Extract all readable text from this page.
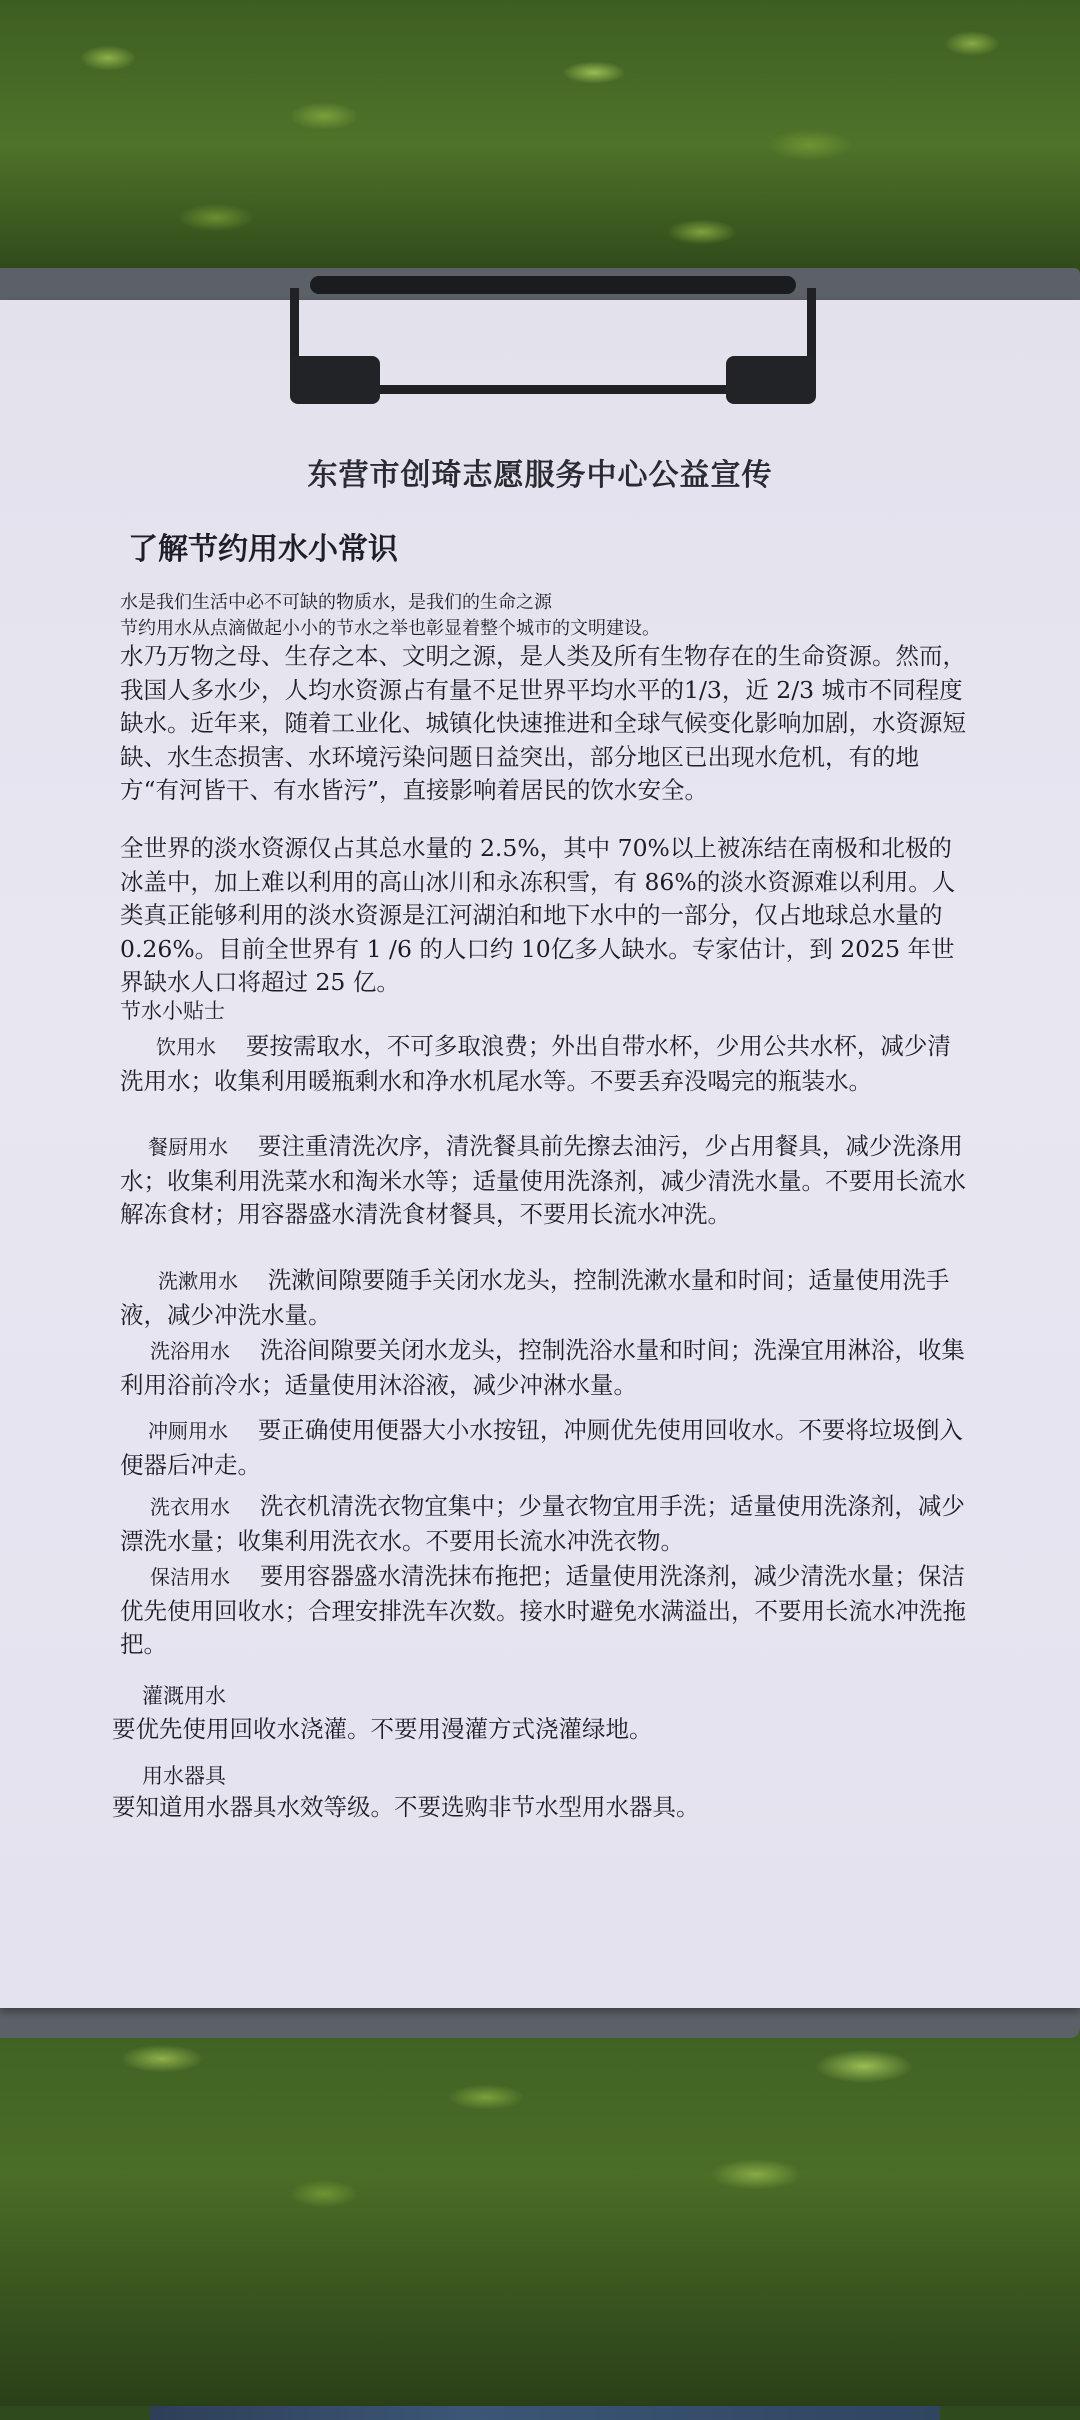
东营市创琦志愿服务中心公益宣传
了解节约用水小常识
水是我们生活中必不可缺的物质水，是我们的生命之源
节约用水从点滴做起小小的节水之举也彰显着整个城市的文明建设。
水乃万物之母、生存之本、文明之源，是人类及所有生物存在的生命资源。然而，我国人多水少，人均水资源占有量不足世界平均水平的1/3，近 2/3 城市不同程度缺水。近年来，随着工业化、城镇化快速推进和全球气候变化影响加剧，水资源短缺、水生态损害、水环境污染问题日益突出，部分地区已出现水危机，有的地方“有河皆干、有水皆污”，直接影响着居民的饮水安全。
全世界的淡水资源仅占其总水量的 2.5%，其中 70%以上被冻结在南极和北极的冰盖中，加上难以利用的高山冰川和永冻积雪，有 86%的淡水资源难以利用。人类真正能够利用的淡水资源是江河湖泊和地下水中的一部分，仅占地球总水量的 0.26%。目前全世界有 1 /6 的人口约 10亿多人缺水。专家估计，到 2025 年世界缺水人口将超过 25 亿。
节水小贴士
饮用水 要按需取水，不可多取浪费；外出自带水杯，少用公共水杯，减少清洗用水；收集利用暖瓶剩水和净水机尾水等。不要丢弃没喝完的瓶装水。
餐厨用水 要注重清洗次序，清洗餐具前先擦去油污，少占用餐具，减少洗涤用水；收集利用洗菜水和淘米水等；适量使用洗涤剂，减少清洗水量。不要用长流水解冻食材；用容器盛水清洗食材餐具，不要用长流水冲洗。
洗漱用水 洗漱间隙要随手关闭水龙头，控制洗漱水量和时间；适量使用洗手液，减少冲洗水量。
洗浴用水 洗浴间隙要关闭水龙头，控制洗浴水量和时间；洗澡宜用淋浴，收集利用浴前冷水；适量使用沐浴液，减少冲淋水量。
冲厕用水 要正确使用便器大小水按钮，冲厕优先使用回收水。不要将垃圾倒入便器后冲走。
洗衣用水 洗衣机清洗衣物宜集中；少量衣物宜用手洗；适量使用洗涤剂，减少漂洗水量；收集利用洗衣水。不要用长流水冲洗衣物。
保洁用水 要用容器盛水清洗抹布拖把；适量使用洗涤剂，减少清洗水量；保洁优先使用回收水；合理安排洗车次数。接水时避免水满溢出，不要用长流水冲洗拖把。
灌溉用水
要优先使用回收水浇灌。不要用漫灌方式浇灌绿地。
用水器具
要知道用水器具水效等级。不要选购非节水型用水器具。
